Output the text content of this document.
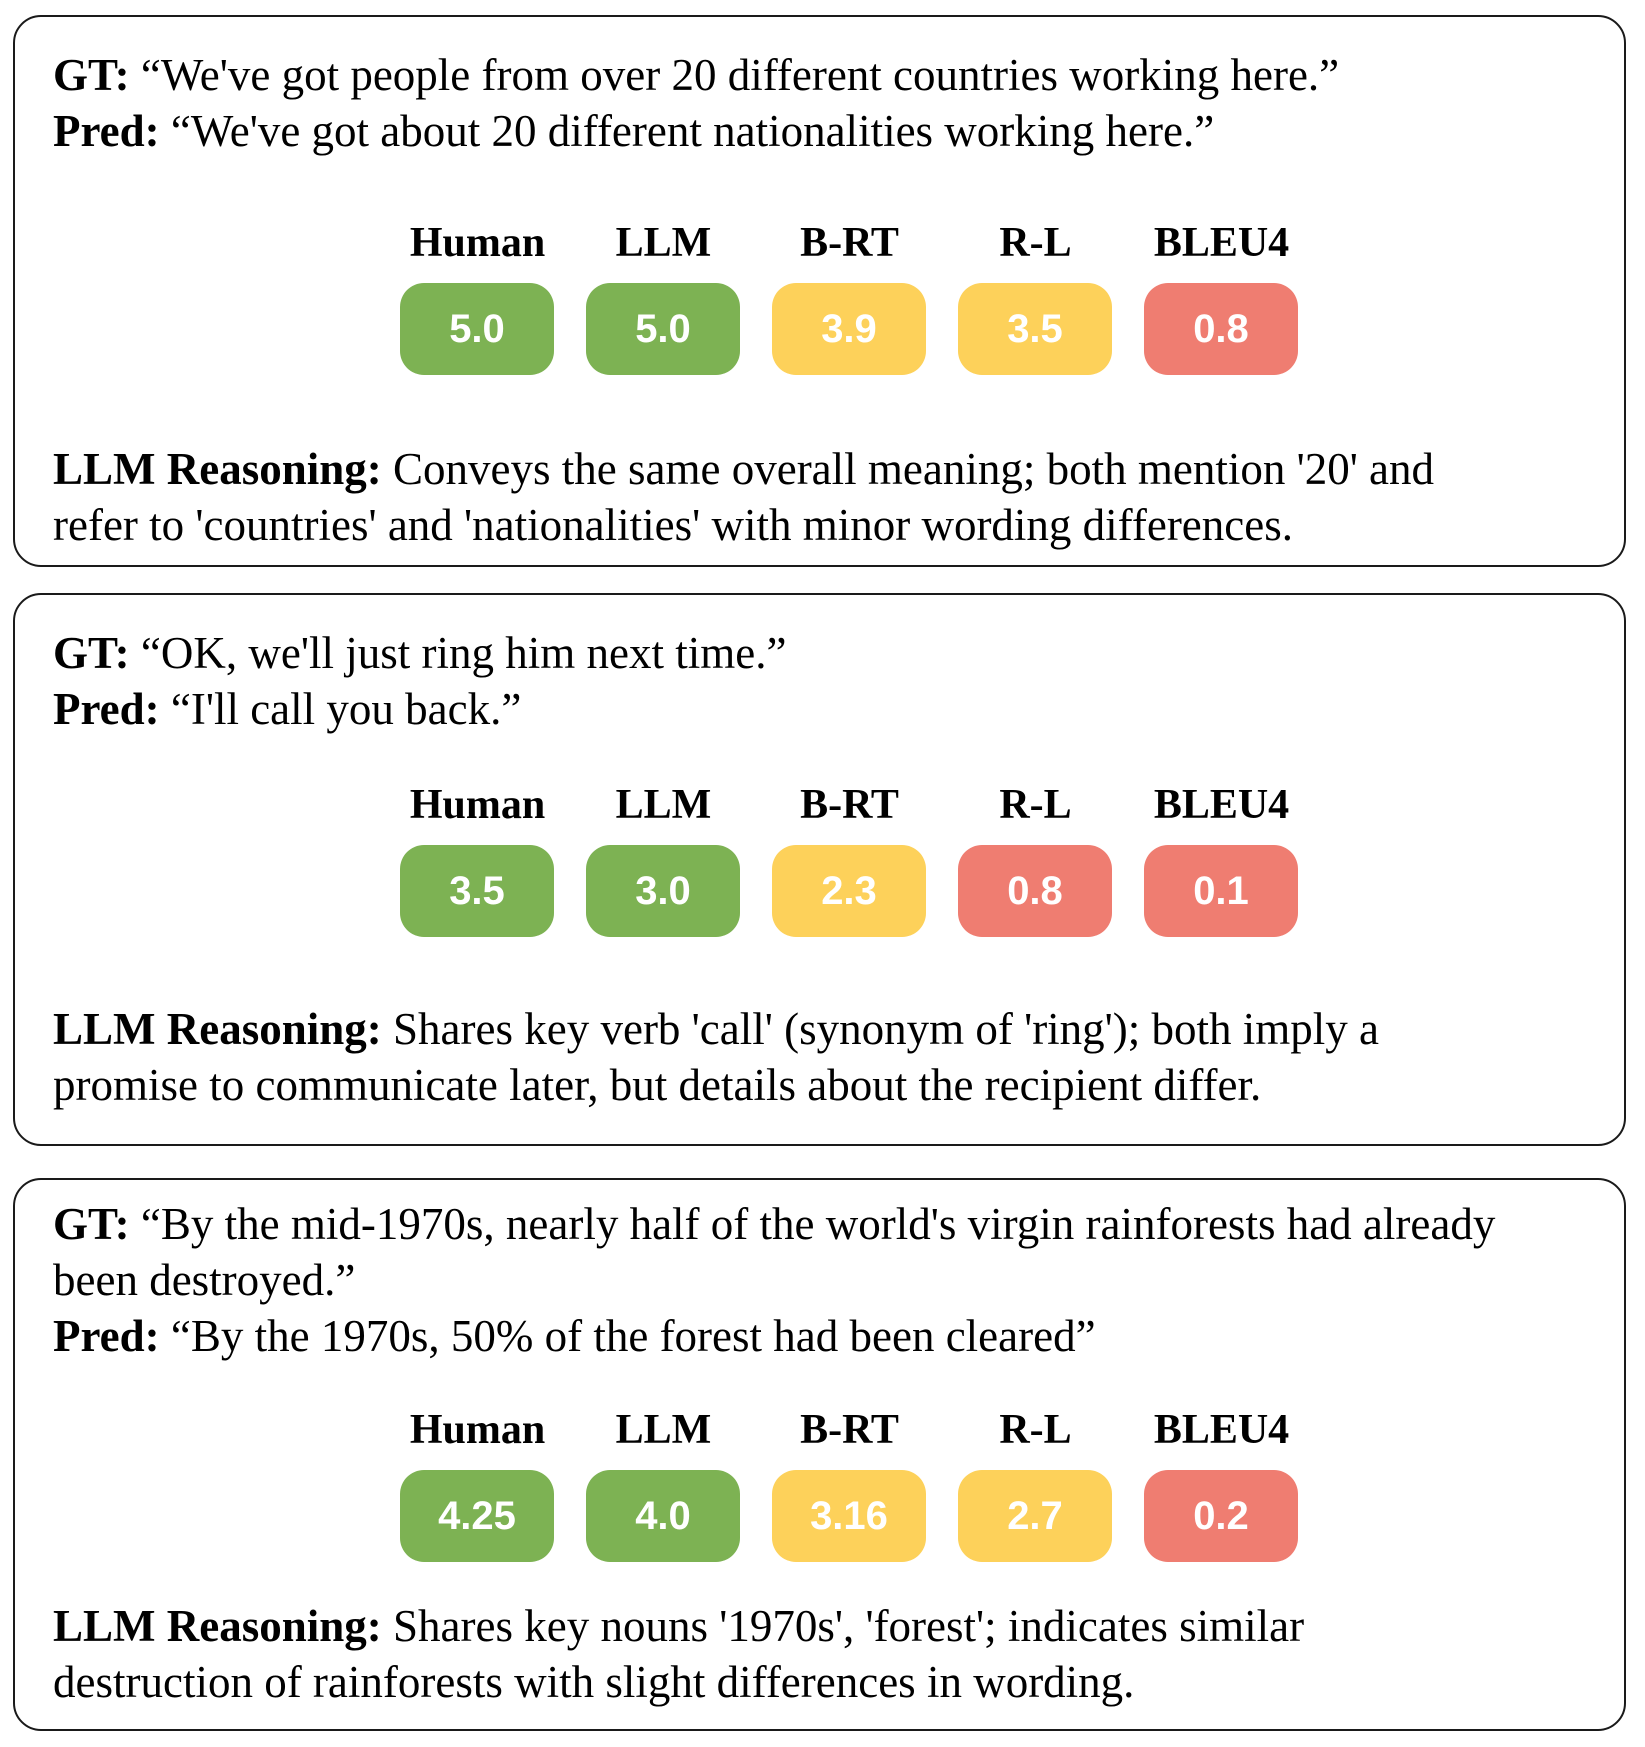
GT: “We've got people from over 20 different countries working here.”
Pred: “We've got about 20 different nationalities working here.”
Human
5.0
LLM
5.0
B-RT
3.9
R-L
3.5
BLEU4
0.8
LLM Reasoning: Conveys the same overall meaning; both mention '20' and
refer to 'countries' and 'nationalities' with minor wording differences.
GT: “OK, we'll just ring him next time.”
Pred: “I'll call you back.”
Human
3.5
LLM
3.0
B-RT
2.3
R-L
0.8
BLEU4
0.1
LLM Reasoning: Shares key verb 'call' (synonym of 'ring'); both imply a
promise to communicate later, but details about the recipient differ.
GT: “By the mid-1970s, nearly half of the world's virgin rainforests had already
been destroyed.”
Pred: “By the 1970s, 50% of the forest had been cleared”
Human
4.25
LLM
4.0
B-RT
3.16
R-L
2.7
BLEU4
0.2
LLM Reasoning: Shares key nouns '1970s', 'forest'; indicates similar
destruction of rainforests with slight differences in wording.
